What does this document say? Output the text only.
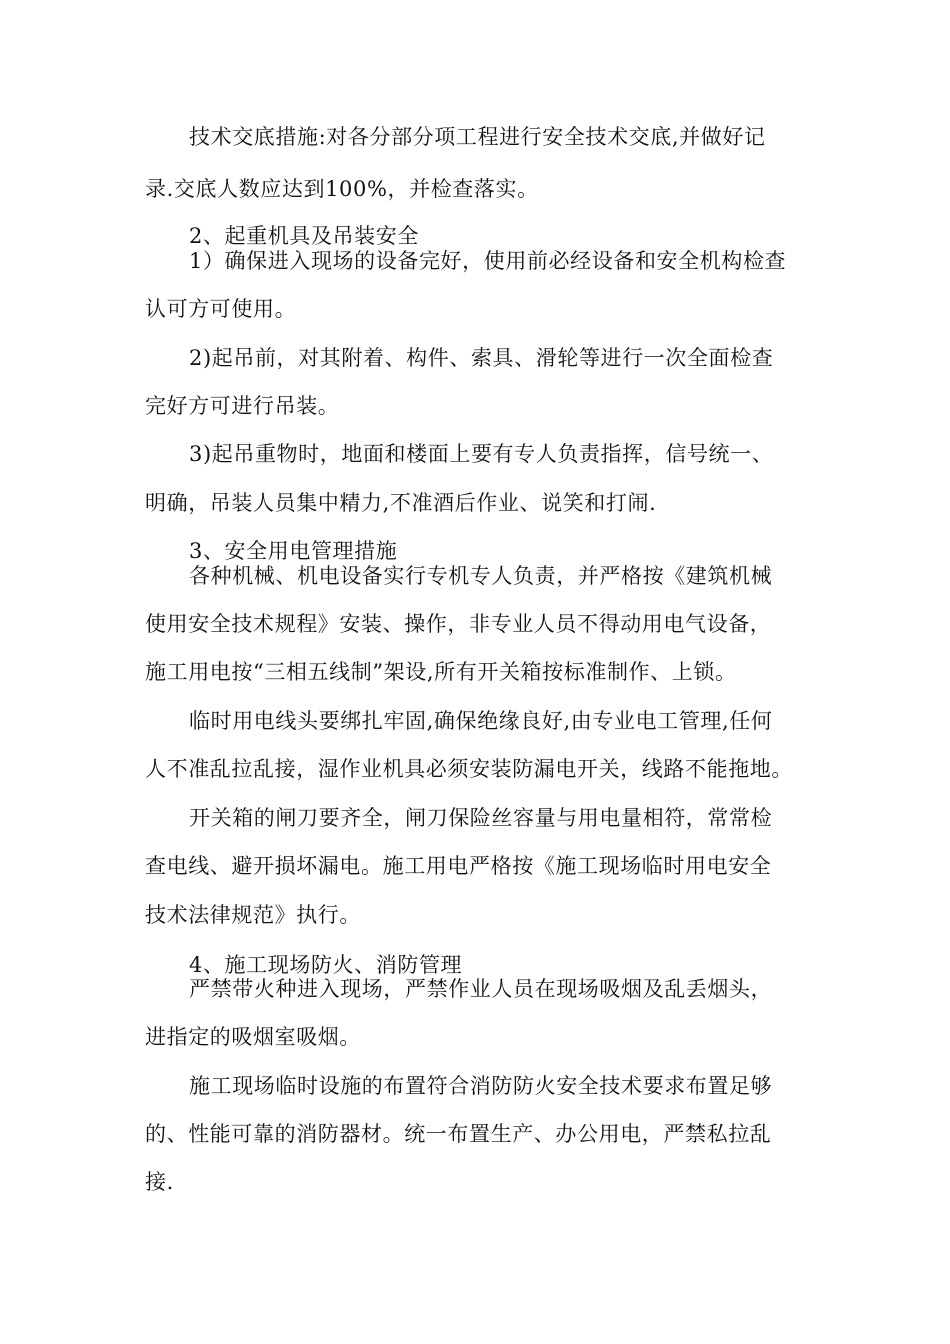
技术交底措施:对各分部分项工程进行安全技术交底,并做好记
录.交底人数应达到100%，并检查落实。
2、起重机具及吊装安全
1）确保进入现场的设备完好，使用前必经设备和安全机构检查
认可方可使用。
2)起吊前，对其附着、构件、索具、滑轮等进行一次全面检查
完好方可进行吊装。
3)起吊重物时，地面和楼面上要有专人负责指挥，信号统一、
明确，吊装人员集中精力,不准酒后作业、说笑和打闹.
3、安全用电管理措施
各种机械、机电设备实行专机专人负责，并严格按《建筑机械
使用安全技术规程》安装、操作，非专业人员不得动用电气设备，
施工用电按“三相五线制”架设,所有开关箱按标准制作、上锁。
临时用电线头要绑扎牢固,确保绝缘良好,由专业电工管理,任何
人不准乱拉乱接，湿作业机具必须安装防漏电开关，线路不能拖地。
开关箱的闸刀要齐全，闸刀保险丝容量与用电量相符，常常检
查电线、避开损坏漏电。施工用电严格按《施工现场临时用电安全
技术法律规范》执行。
4、施工现场防火、消防管理
严禁带火种进入现场，严禁作业人员在现场吸烟及乱丢烟头，
进指定的吸烟室吸烟。
施工现场临时设施的布置符合消防防火安全技术要求布置足够
的、性能可靠的消防器材。统一布置生产、办公用电，严禁私拉乱
接.
